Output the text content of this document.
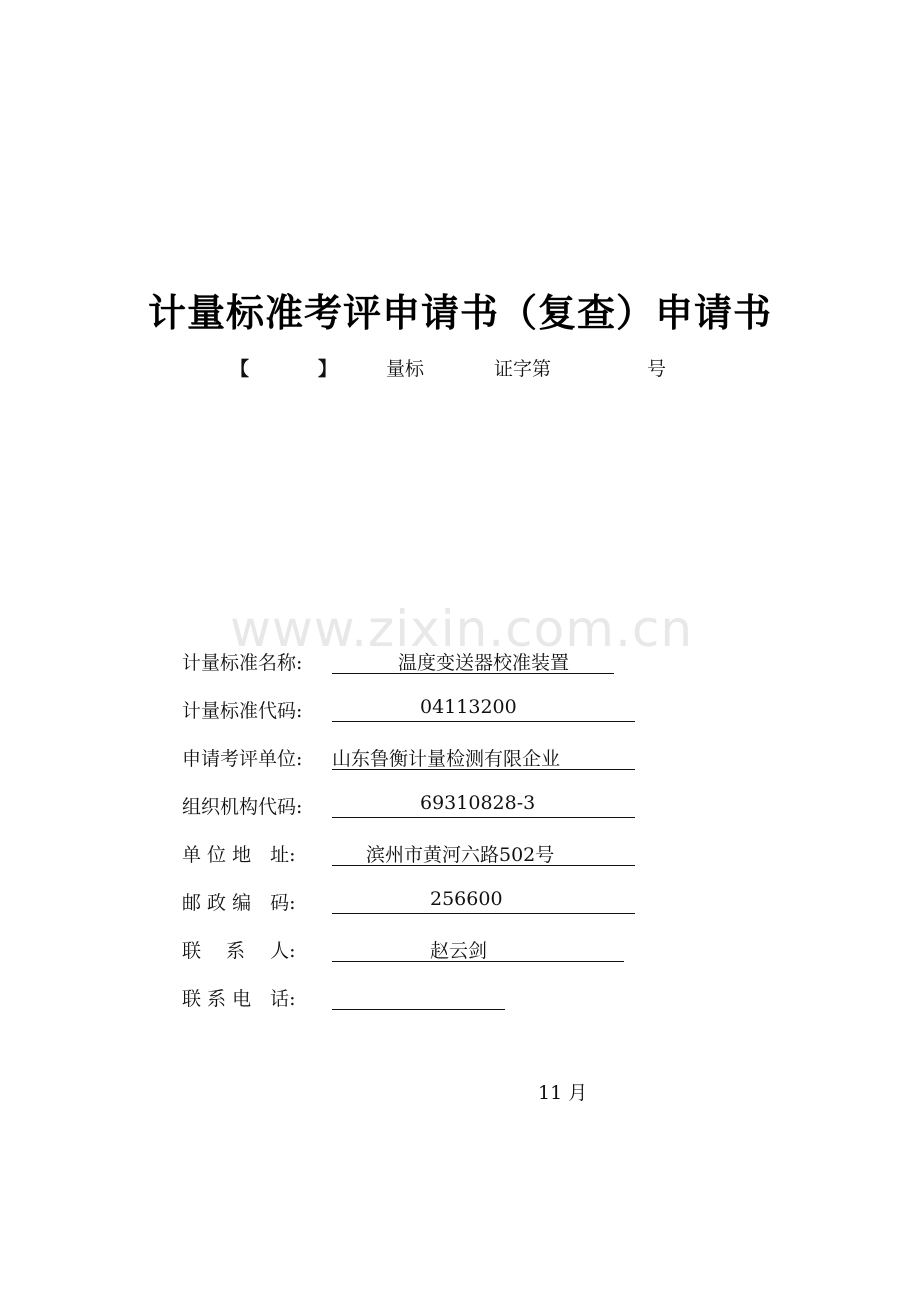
计量标准考评申请书（复查）申请书
【	】	量标	证字第	号
www.zixin.com.cn
计量标准名称:	温度变送器校准装置
计量标准代码:	04113200
申请考评单位:	山东鲁衡计量检测有限企业
组织机构代码:	69310828-3
单 位 地　址:	滨州市黄河六路502号
邮 政 编　码:	256600
联　 系　 人:	赵云剑
联 系 电　话:
11 月
